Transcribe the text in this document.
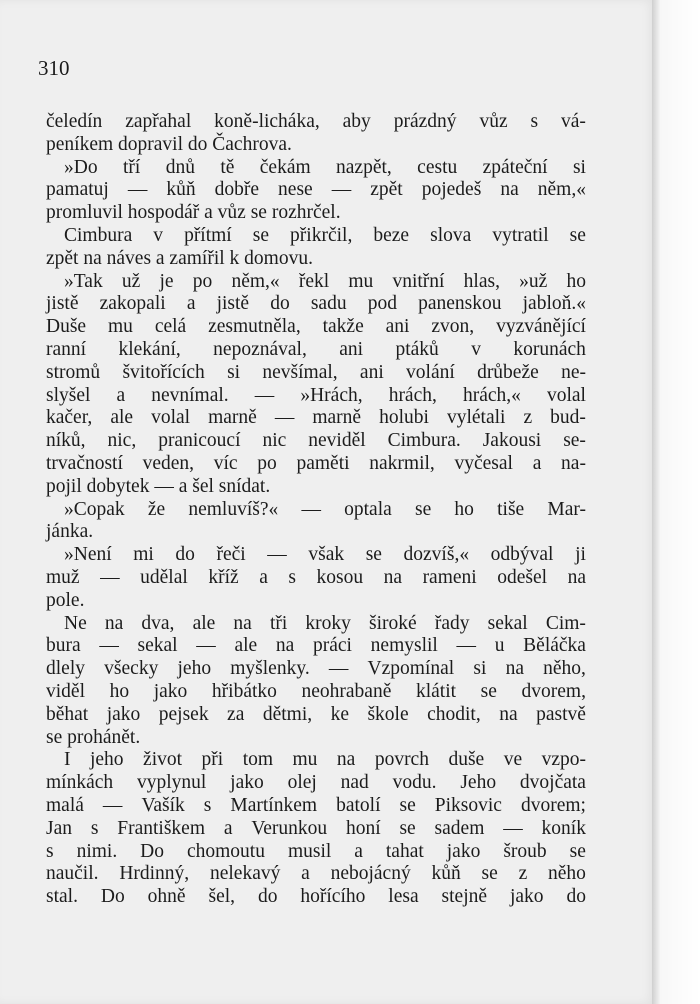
310
čeledín zapřahal koně-licháka, aby prázdný vůz s vá-
peníkem dopravil do Čachrova.
»Do tří dnů tě čekám nazpět, cestu zpáteční si
pamatuj — kůň dobře nese — zpět pojedeš na něm,«
promluvil hospodář a vůz se rozhrčel.
Cimbura v přítmí se přikrčil, beze slova vytratil se
zpět na náves a zamířil k domovu.
»Tak už je po něm,« řekl mu vnitřní hlas, »už ho
jistě zakopali a jistě do sadu pod panenskou jabloň.«
Duše mu celá zesmutněla, takže ani zvon, vyzvánějící
ranní klekání, nepoznával, ani ptáků v korunách
stromů švitořících si nevšímal, ani volání drůbeže ne-
slyšel a nevnímal. — »Hrách, hrách, hrách,« volal
kačer, ale volal marně — marně holubi vylétali z bud-
níků, nic, pranicoucí nic neviděl Cimbura. Jakousi se-
trvačností veden, víc po paměti nakrmil, vyčesal a na-
pojil dobytek — a šel snídat.
»Copak že nemluvíš?« — optala se ho tiše Mar-
jánka.
»Není mi do řeči — však se dozvíš,« odbýval ji
muž — udělal kříž a s kosou na rameni odešel na
pole.
Ne na dva, ale na tři kroky široké řady sekal Cim-
bura — sekal — ale na práci nemyslil — u Běláčka
dlely všecky jeho myšlenky. — Vzpomínal si na něho,
viděl ho jako hřibátko neohrabaně klátit se dvorem,
běhat jako pejsek za dětmi, ke škole chodit, na pastvě
se prohánět.
I jeho život při tom mu na povrch duše ve vzpo-
mínkách vyplynul jako olej nad vodu. Jeho dvojčata
malá — Vašík s Martínkem batolí se Piksovic dvorem;
Jan s Františkem a Verunkou honí se sadem — koník
s nimi. Do chomoutu musil a tahat jako šroub se
naučil. Hrdinný, nelekavý a nebojácný kůň se z něho
stal. Do ohně šel, do hořícího lesa stejně jako do
